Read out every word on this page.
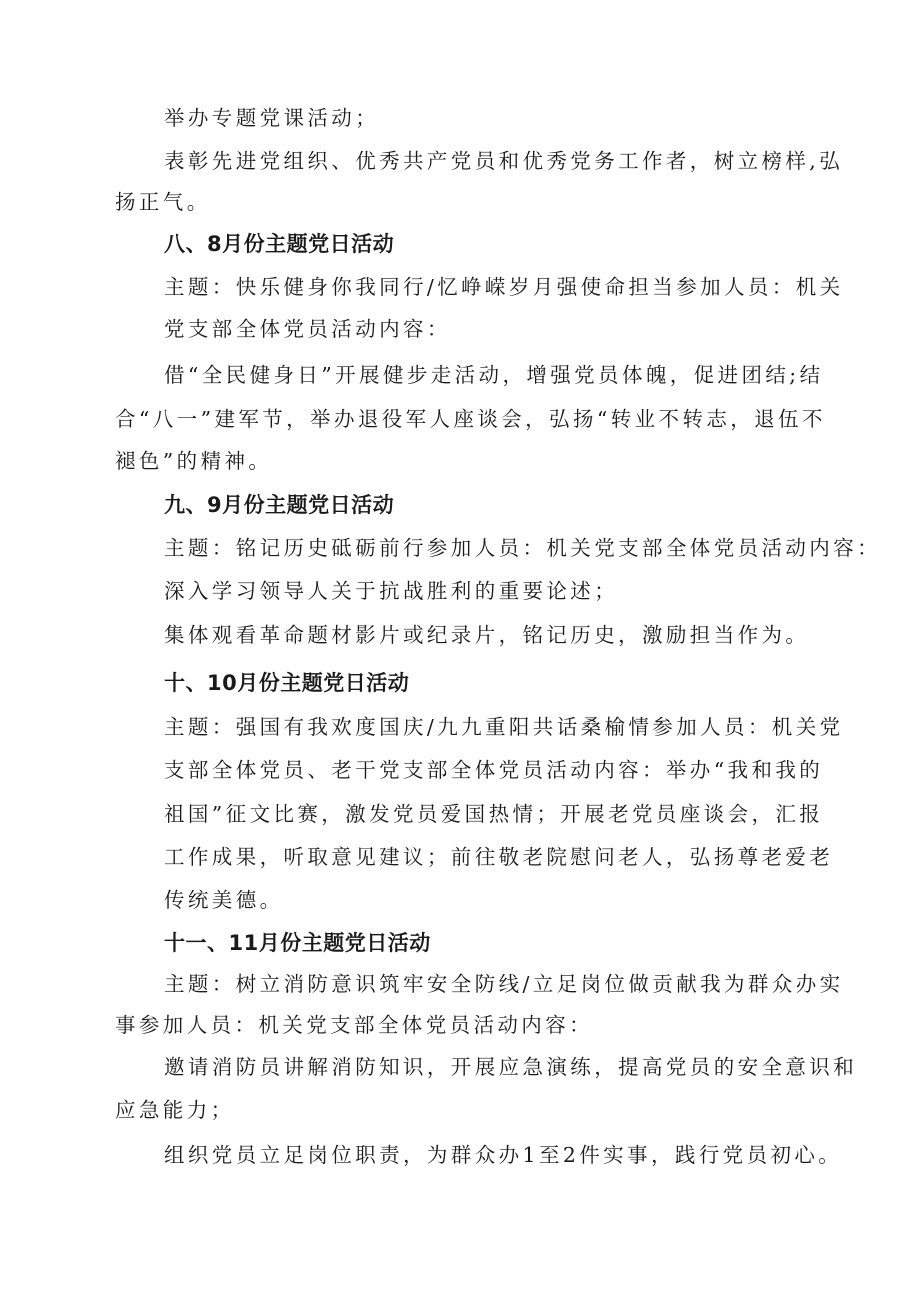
举办专题党课活动；
表彰先进党组织、优秀共产党员和优秀党务工作者，树立榜样,弘
扬正气。
八、8月份主题党日活动
主题：快乐健身你我同行/忆峥嵘岁月强使命担当参加人员：机关
党支部全体党员活动内容：
借“全民健身日”开展健步走活动，增强党员体魄，促进团结;结
合“八一”建军节，举办退役军人座谈会，弘扬“转业不转志，退伍不
褪色”的精神。
九、9月份主题党日活动
主题：铭记历史砥砺前行参加人员：机关党支部全体党员活动内容：
深入学习领导人关于抗战胜利的重要论述；
集体观看革命题材影片或纪录片，铭记历史，激励担当作为。
十、10月份主题党日活动
主题：强国有我欢度国庆/九九重阳共话桑榆情参加人员：机关党
支部全体党员、老干党支部全体党员活动内容：举办“我和我的
祖国”征文比赛，激发党员爱国热情；开展老党员座谈会，汇报
工作成果，听取意见建议；前往敬老院慰问老人，弘扬尊老爱老
传统美德。
十一、11月份主题党日活动
主题：树立消防意识筑牢安全防线/立足岗位做贡献我为群众办实
事参加人员：机关党支部全体党员活动内容：
邀请消防员讲解消防知识，开展应急演练，提高党员的安全意识和
应急能力；
组织党员立足岗位职责，为群众办1至2件实事，践行党员初心。
